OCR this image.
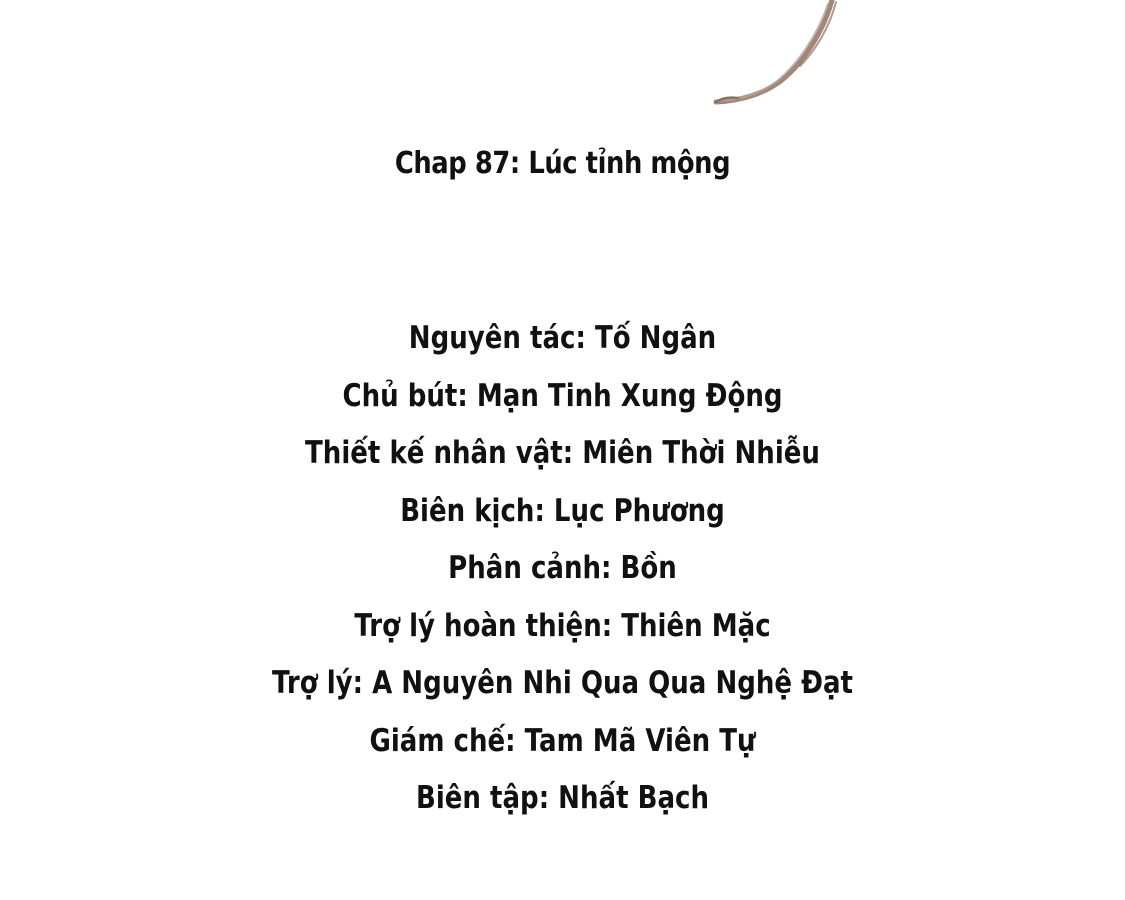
Chap 87: Lúc tỉnh mộng
Nguyên tác: Tố Ngân
Chủ bút: Mạn Tinh Xung Động
Thiết kế nhân vật: Miên Thời Nhiễu
Biên kịch: Lục Phương
Phân cảnh: Bồn
Trợ lý hoàn thiện: Thiên Mặc
Trợ lý: A Nguyên Nhi Qua Qua Nghệ Đạt
Giám chế: Tam Mã Viên Tự
Biên tập: Nhất Bạch
